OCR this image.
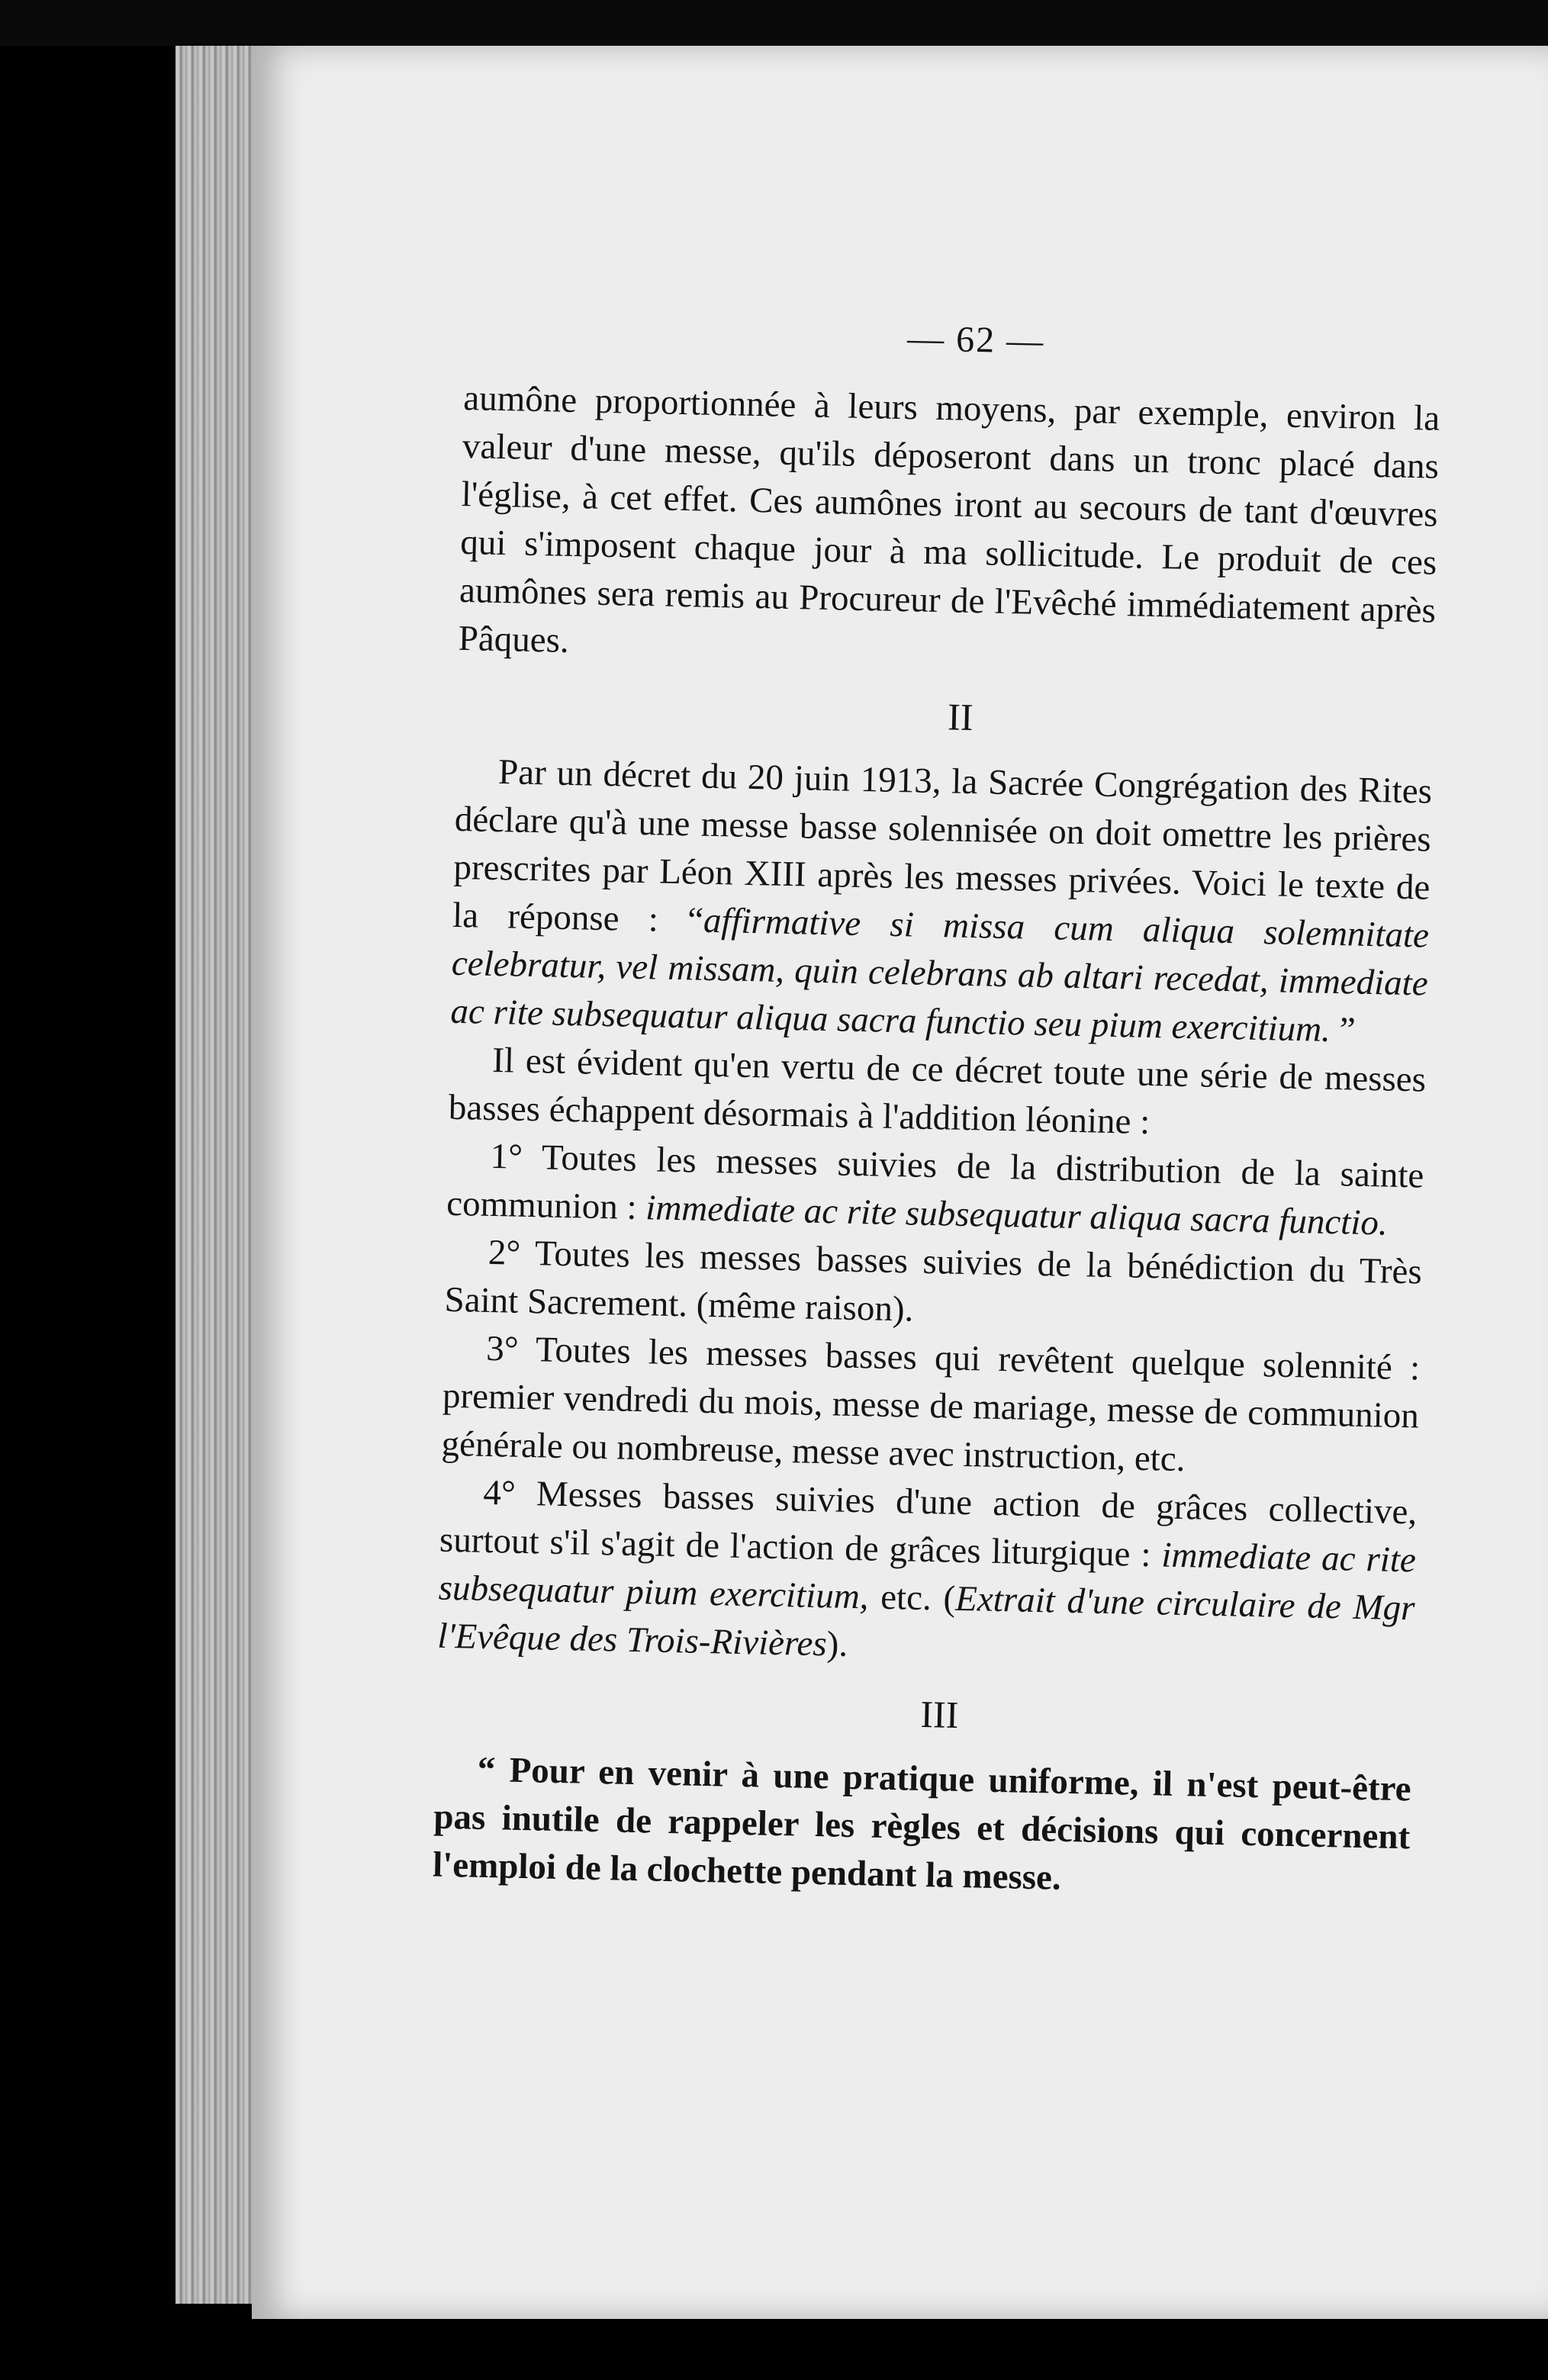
— 62 —

aumône proportionnée à leurs moyens, par exemple, environ la valeur d'une messe, qu'ils déposeront dans un tronc placé dans l'église, à cet effet. Ces aumônes iront au secours de tant d'œuvres qui s'imposent chaque jour à ma sollicitude. Le produit de ces aumônes sera remis au Procureur de l'Evêché immédiatement après Pâques.

II

Par un décret du 20 juin 1913, la Sacrée Congrégation des Rites déclare qu'à une messe basse solennisée on doit omettre les prières prescrites par Léon XIII après les messes privées. Voici le texte de la réponse : “affirmative si missa cum aliqua solemnitate celebratur, vel missam, quin celebrans ab altari recedat, immediate ac rite subsequatur aliqua sacra functio seu pium exercitium. ”

Il est évident qu'en vertu de ce décret toute une série de messes basses échappent désormais à l'addition léonine :

1° Toutes les messes suivies de la distribution de la sainte communion : immediate ac rite subsequatur aliqua sacra functio.

2° Toutes les messes basses suivies de la bénédiction du Très Saint Sacrement. (même raison).

3° Toutes les messes basses qui revêtent quelque solennité : premier vendredi du mois, messe de mariage, messe de communion générale ou nombreuse, messe avec instruction, etc.

4° Messes basses suivies d'une action de grâces collective, surtout s'il s'agit de l'action de grâces liturgique : immediate ac rite subsequatur pium exercitium, etc. (Extrait d'une circulaire de Mgr l'Evêque des Trois-Rivières).

III

“ Pour en venir à une pratique uniforme, il n'est peut-être pas inutile de rappeler les règles et décisions qui concernent l'emploi de la clochette pendant la messe.
